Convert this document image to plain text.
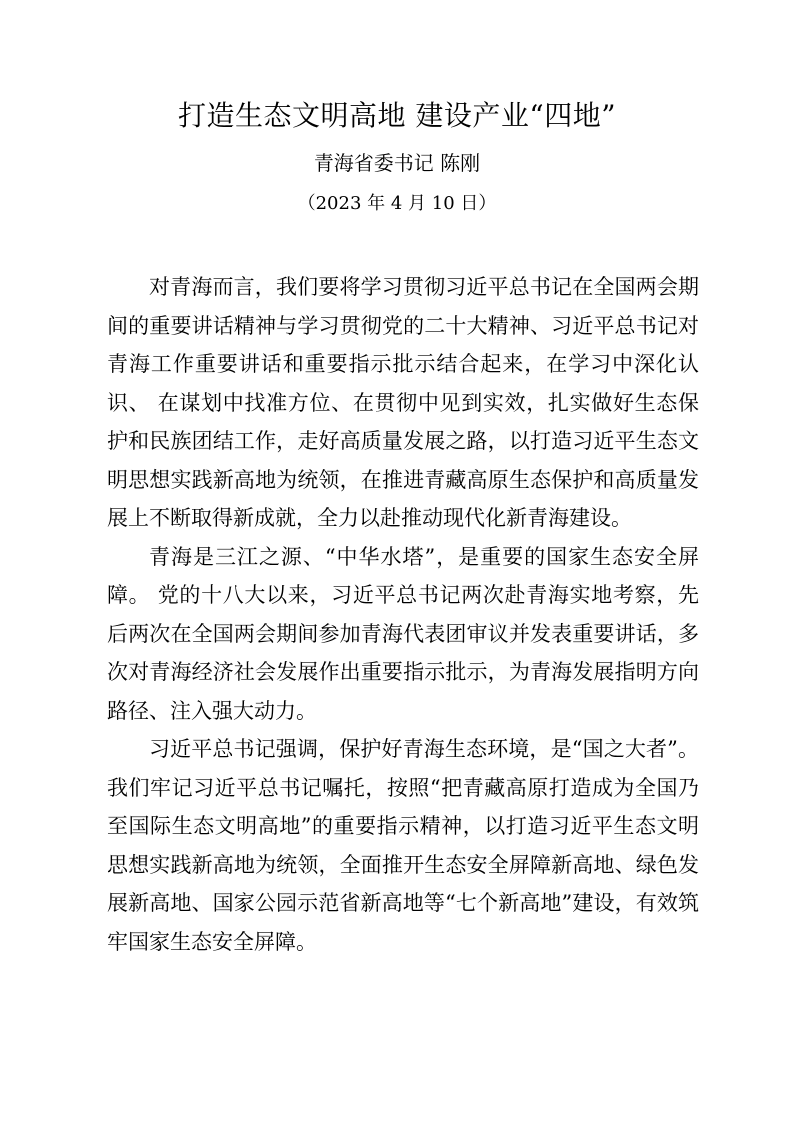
打造生态文明高地 建设产业“四地”
青海省委书记 陈刚
（2023 年 4 月 10 日）

对青海而言，我们要将学习贯彻习近平总书记在全国两会期间的重要讲话精神与学习贯彻党的二十大精神、习近平总书记对青海工作重要讲话和重要指示批示结合起来，在学习中深化认识、 在谋划中找准方位、在贯彻中见到实效，扎实做好生态保护和民族团结工作，走好高质量发展之路，以打造习近平生态文明思想实践新高地为统领，在推进青藏高原生态保护和高质量发展上不断取得新成就，全力以赴推动现代化新青海建设。

青海是三江之源、“中华水塔”，是重要的国家生态安全屏障。 党的十八大以来，习近平总书记两次赴青海实地考察，先后两次在全国两会期间参加青海代表团审议并发表重要讲话，多次对青海经济社会发展作出重要指示批示，为青海发展指明方向路径、注入强大动力。

习近平总书记强调，保护好青海生态环境，是“国之大者”。 我们牢记习近平总书记嘱托，按照“把青藏高原打造成为全国乃至国际生态文明高地”的重要指示精神，以打造习近平生态文明思想实践新高地为统领，全面推开生态安全屏障新高地、绿色发展新高地、国家公园示范省新高地等“七个新高地”建设，有效筑牢国家生态安全屏障。
